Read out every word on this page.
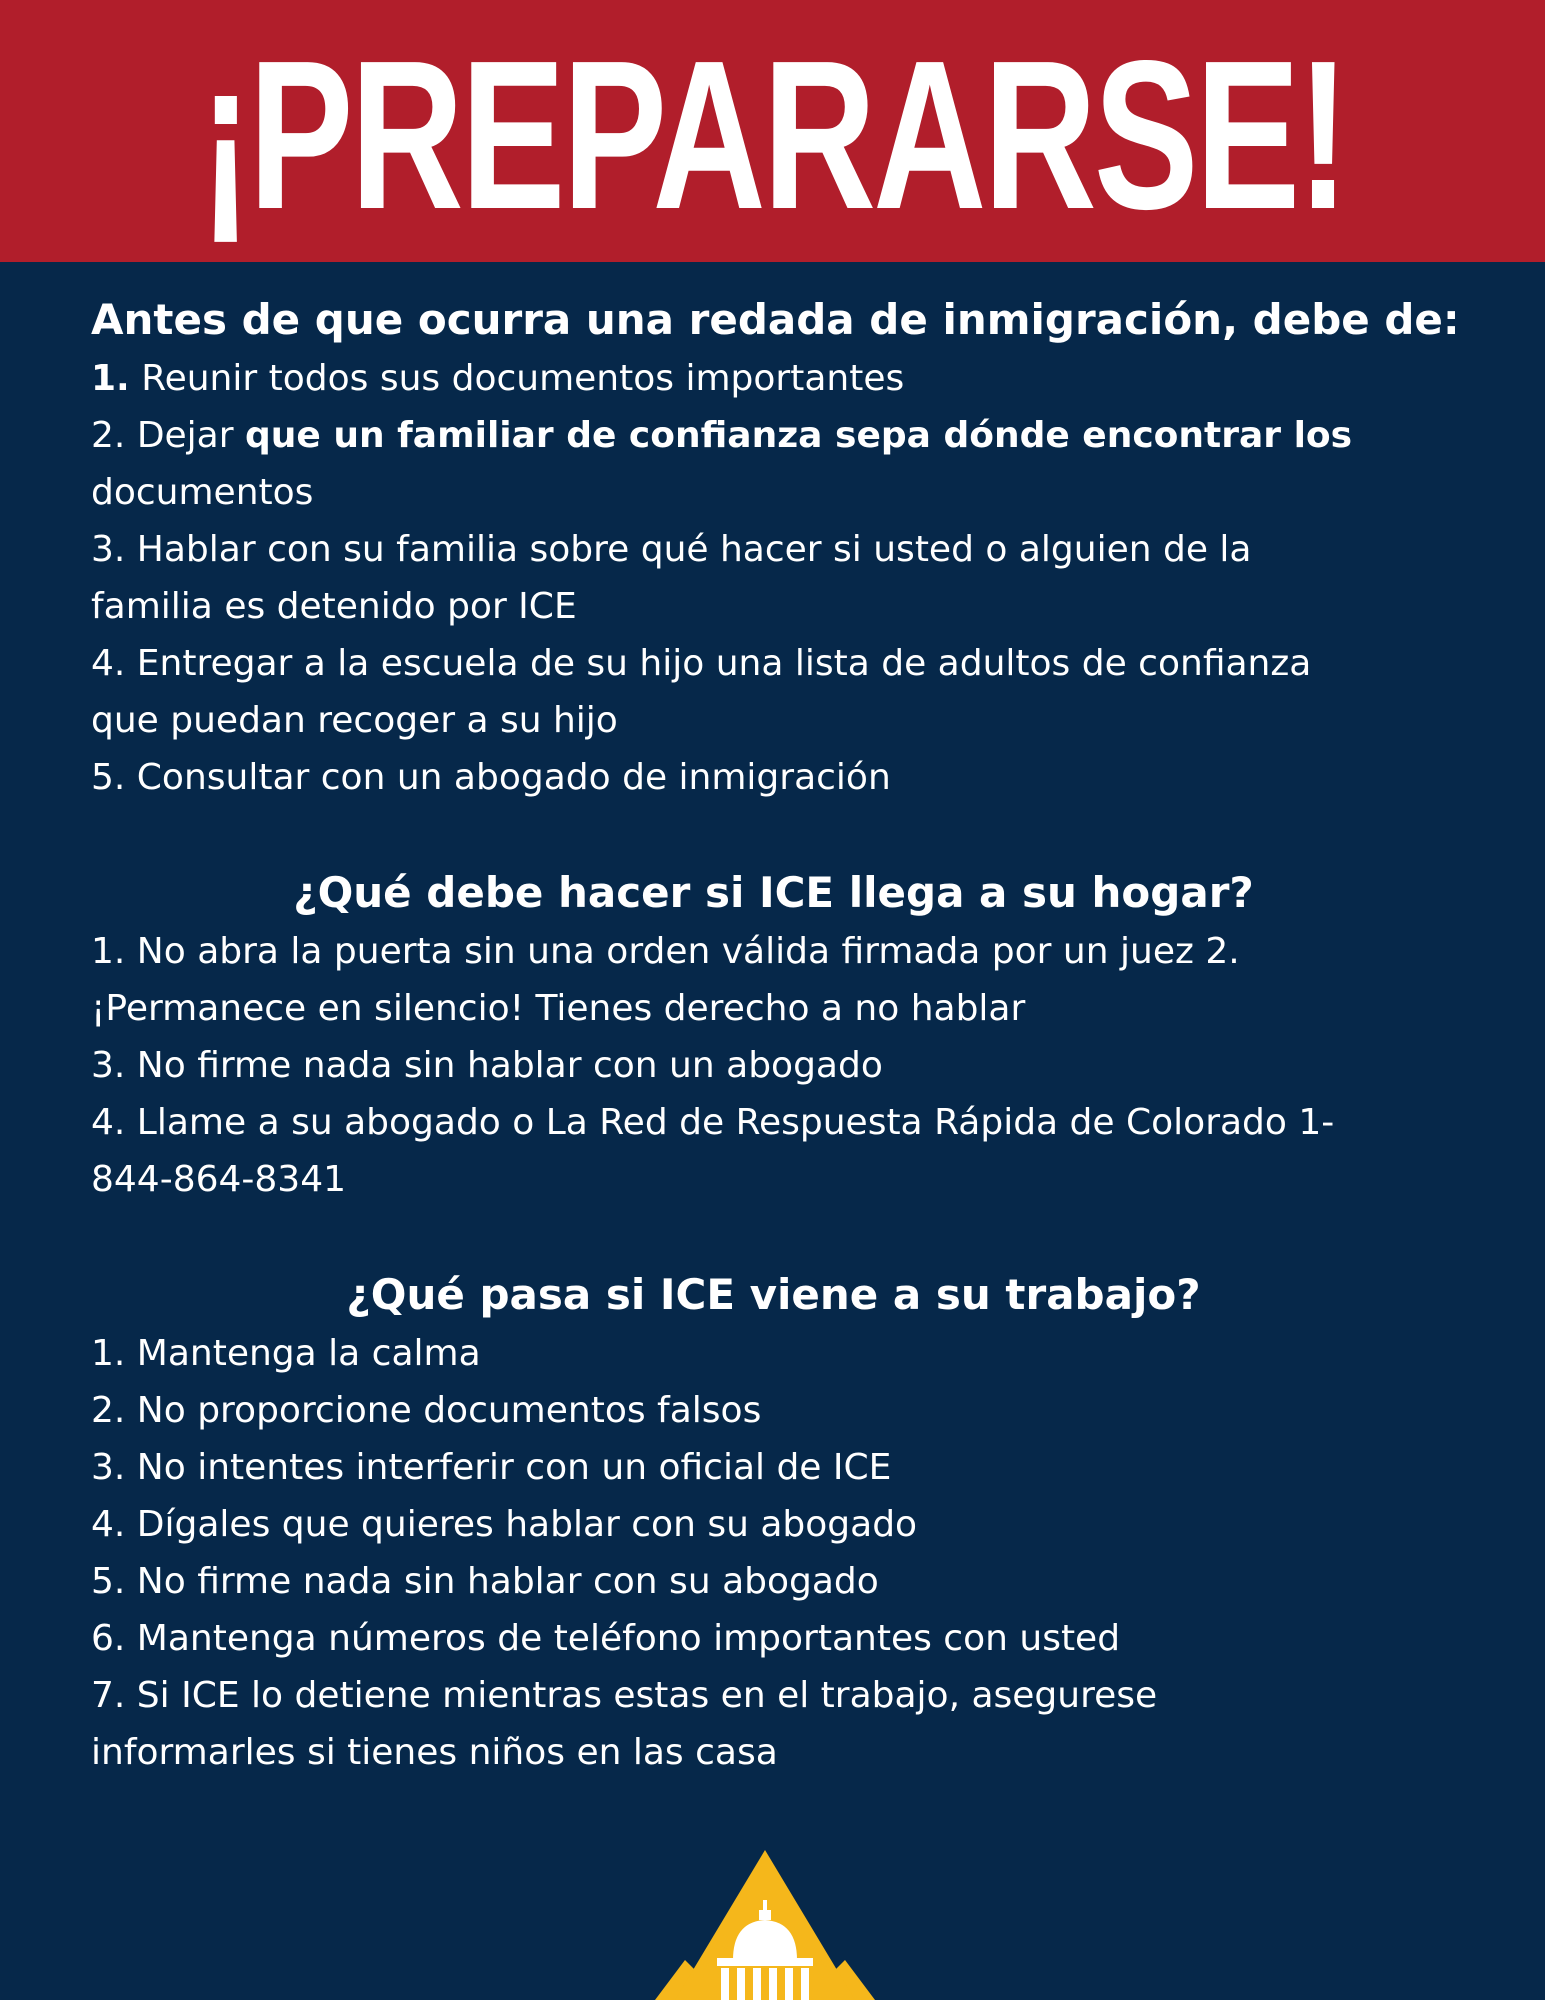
¡PREPARARSE!
Antes de que ocurra una redada de inmigración, debe de:
1. Reunir todos sus documentos importantes
2. Dejar que un familiar de confianza sepa dónde encontrar los
documentos
3. Hablar con su familia sobre qué hacer si usted o alguien de la
familia es detenido por ICE
4. Entregar a la escuela de su hijo una lista de adultos de confianza
que puedan recoger a su hijo
5. Consultar con un abogado de inmigración
¿Qué debe hacer si ICE llega a su hogar?
1. No abra la puerta sin una orden válida firmada por un juez 2.
¡Permanece en silencio! Tienes derecho a no hablar
3. No firme nada sin hablar con un abogado
4. Llame a su abogado o La Red de Respuesta Rápida de Colorado 1-
844-864-8341
¿Qué pasa si ICE viene a su trabajo?
1. Mantenga la calma
2. No proporcione documentos falsos
3. No intentes interferir con un oficial de ICE
4. Dígales que quieres hablar con su abogado
5. No firme nada sin hablar con su abogado
6. Mantenga números de teléfono importantes con usted
7. Si ICE lo detiene mientras estas en el trabajo, asegurese
informarles si tienes niños en las casa
